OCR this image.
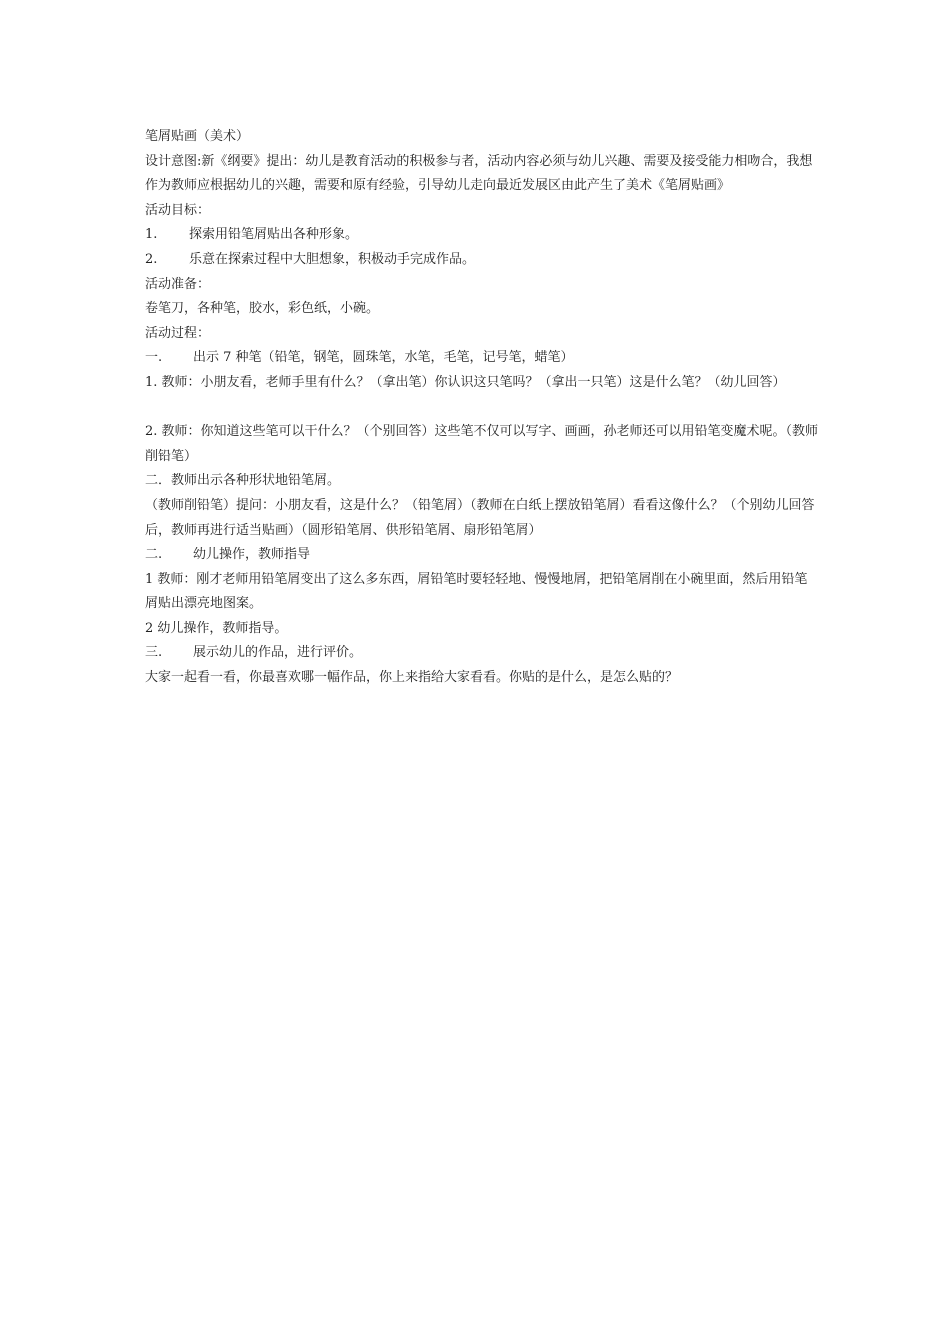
笔屑贴画（美术）

设计意图:新《纲要》提出：幼儿是教育活动的积极参与者，活动内容必须与幼儿兴趣、需要及接受能力相吻合，我想作为教师应根据幼儿的兴趣，需要和原有经验，引导幼儿走向最近发展区由此产生了美术《笔屑贴画》

活动目标：

1. 探索用铅笔屑贴出各种形象。

2. 乐意在探索过程中大胆想象，积极动手完成作品。

活动准备：

卷笔刀，各种笔，胶水，彩色纸，小碗。

活动过程：

一. 出示 7 种笔（铅笔，钢笔，圆珠笔，水笔，毛笔，记号笔，蜡笔）

1. 教师：小朋友看，老师手里有什么？（拿出笔）你认识这只笔吗？（拿出一只笔）这是什么笔？（幼儿回答）

2. 教师：你知道这些笔可以干什么？（个别回答）这些笔不仅可以写字、画画，孙老师还可以用铅笔变魔术呢。（教师削铅笔）

二．教师出示各种形状地铅笔屑。

（教师削铅笔）提问：小朋友看，这是什么？（铅笔屑）（教师在白纸上摆放铅笔屑）看看这像什么？（个别幼儿回答后，教师再进行适当贴画）（圆形铅笔屑、供形铅笔屑、扇形铅笔屑）

二. 幼儿操作，教师指导

1 教师：刚才老师用铅笔屑变出了这么多东西，屑铅笔时要轻轻地、慢慢地屑，把铅笔屑削在小碗里面，然后用铅笔屑贴出漂亮地图案。

2 幼儿操作，教师指导。

三. 展示幼儿的作品，进行评价。

大家一起看一看，你最喜欢哪一幅作品，你上来指给大家看看。你贴的是什么，是怎么贴的？
